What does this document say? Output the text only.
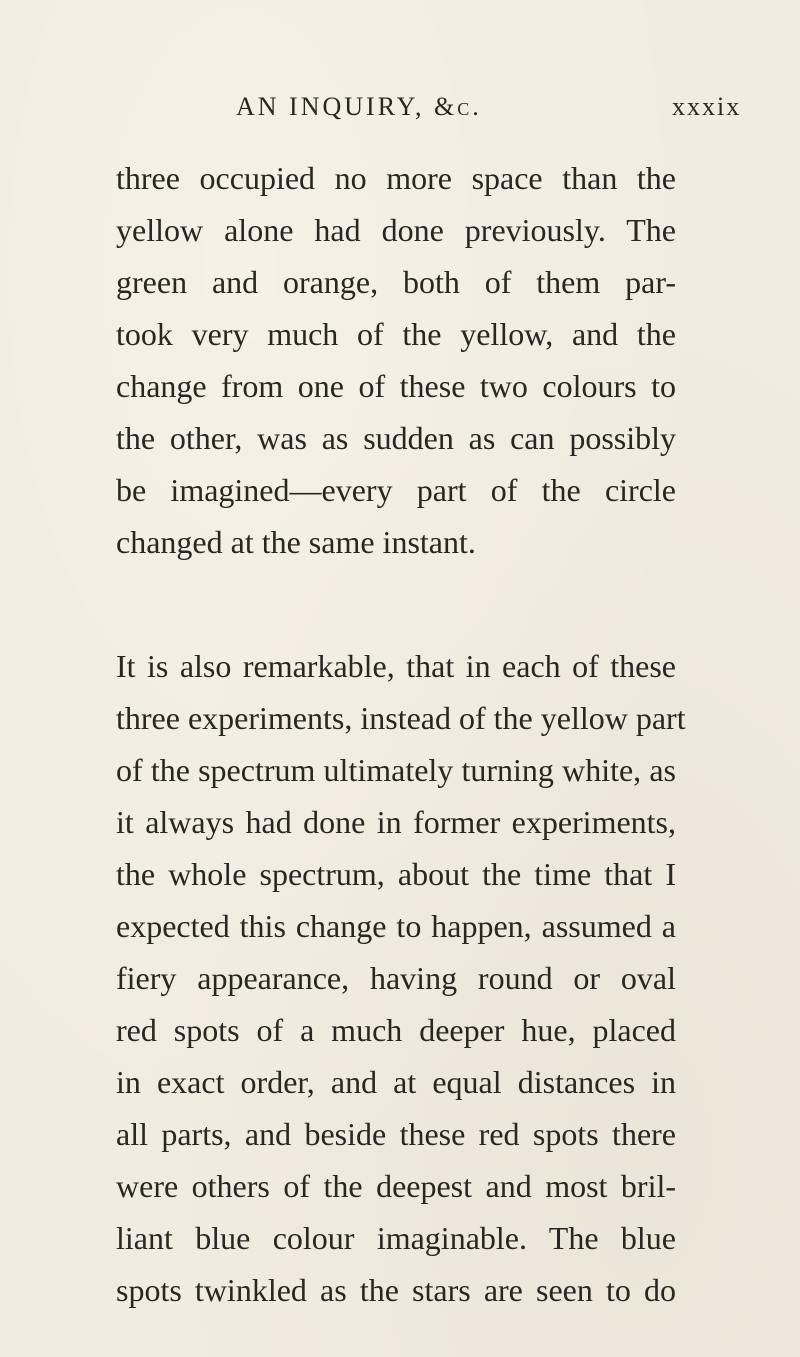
AN INQUIRY, &c.	xxxix
three occupied no more space than the
yellow alone had done previously. The
green and orange, both of them par-
took very much of the yellow, and the
change from one of these two colours to
the other, was as sudden as can possibly
be imagined—every part of the circle
changed at the same instant.
It is also remarkable, that in each of these
three experiments, instead of the yellow part
of the spectrum ultimately turning white, as
it always had done in former experiments,
the whole spectrum, about the time that I
expected this change to happen, assumed a
fiery appearance, having round or oval
red spots of a much deeper hue, placed
in exact order, and at equal distances in
all parts, and beside these red spots there
were others of the deepest and most bril-
liant blue colour imaginable. The blue
spots twinkled as the stars are seen to do
